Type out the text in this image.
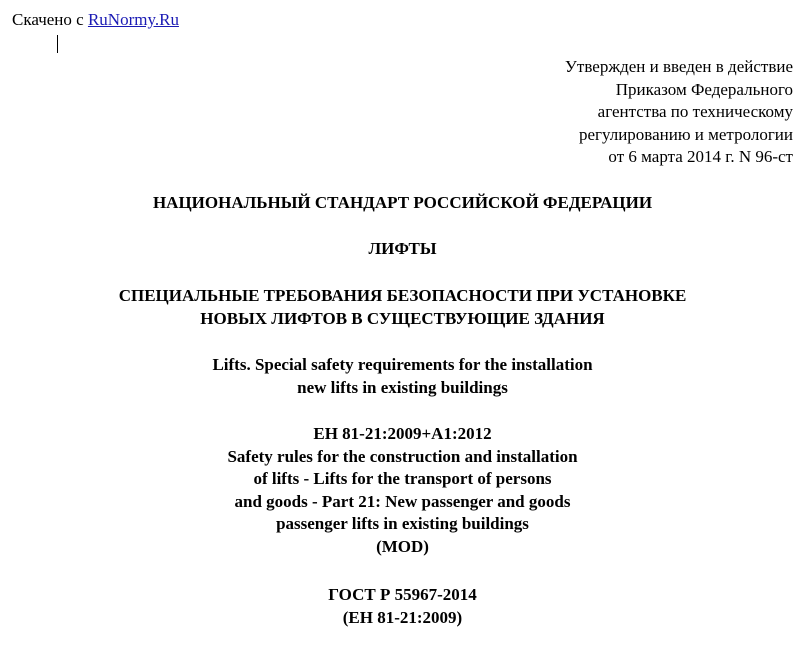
Скачено с RuNormy.Ru
Утвержден и введен в действие
Приказом Федерального
агентства по техническому
регулированию и метрологии
от 6 марта 2014 г. N 96-ст
НАЦИОНАЛЬНЫЙ СТАНДАРТ РОССИЙСКОЙ ФЕДЕРАЦИИ
ЛИФТЫ
СПЕЦИАЛЬНЫЕ ТРЕБОВАНИЯ БЕЗОПАСНОСТИ ПРИ УСТАНОВКЕ
НОВЫХ ЛИФТОВ В СУЩЕСТВУЮЩИЕ ЗДАНИЯ
Lifts. Special safety requirements for the installation
new lifts in existing buildings
ЕН 81-21:2009+А1:2012
Safety rules for the construction and installation
of lifts - Lifts for the transport of persons
and goods - Part 21: New passenger and goods
passenger lifts in existing buildings
(MOD)
ГОСТ Р 55967-2014
(ЕН 81-21:2009)
